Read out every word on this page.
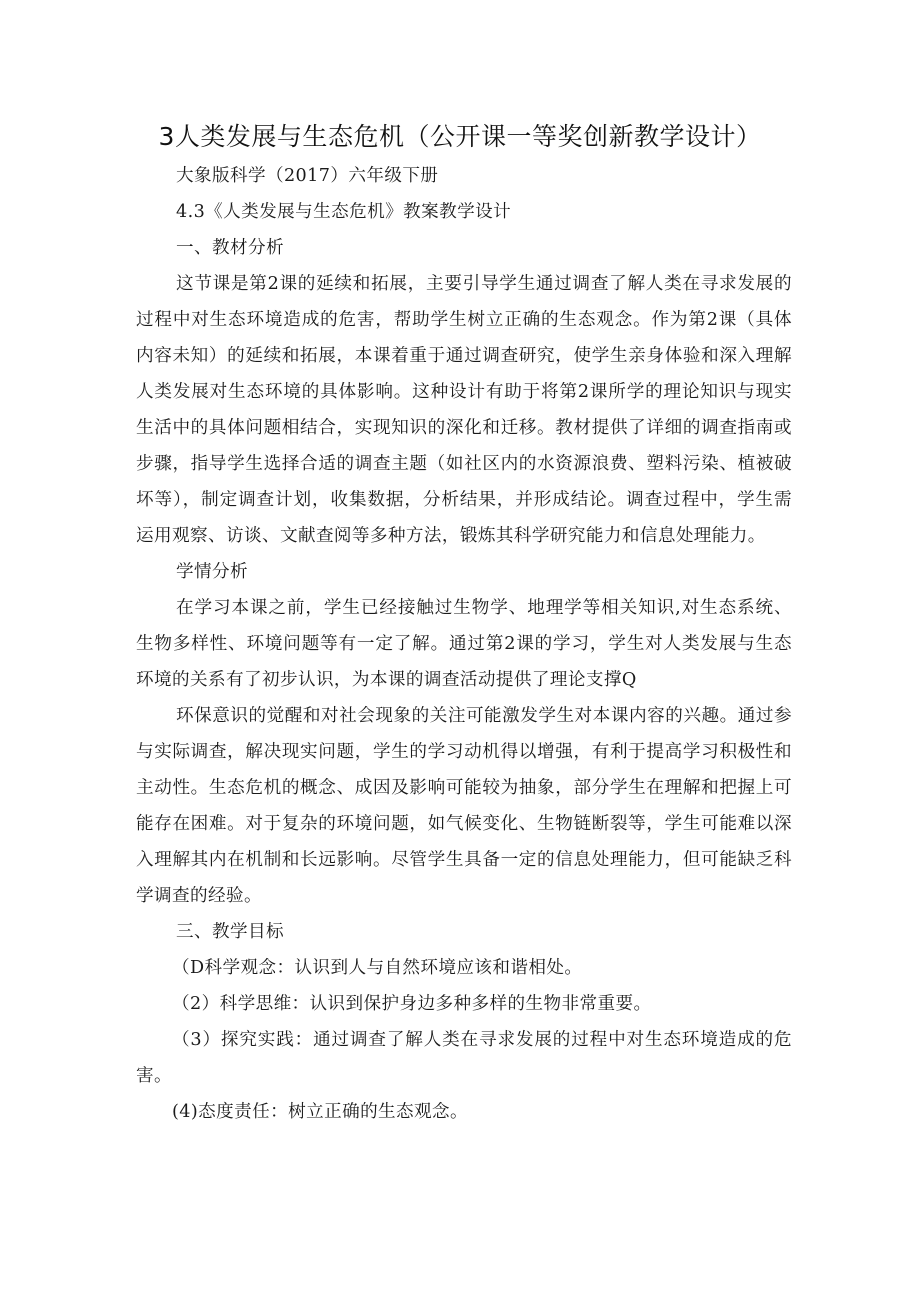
3人类发展与生态危机（公开课一等奖创新教学设计）

大象版科学（2017）六年级下册

4.3《人类发展与生态危机》教案教学设计

一、教材分析

这节课是第2课的延续和拓展，主要引导学生通过调查了解人类在寻求发展的过程中对生态环境造成的危害，帮助学生树立正确的生态观念。作为第2课（具体内容未知）的延续和拓展，本课着重于通过调查研究，使学生亲身体验和深入理解人类发展对生态环境的具体影响。这种设计有助于将第2课所学的理论知识与现实生活中的具体问题相结合，实现知识的深化和迁移。教材提供了详细的调查指南或步骤，指导学生选择合适的调查主题（如社区内的水资源浪费、塑料污染、植被破坏等），制定调查计划，收集数据，分析结果，并形成结论。调查过程中，学生需运用观察、访谈、文献查阅等多种方法，锻炼其科学研究能力和信息处理能力。

学情分析

在学习本课之前，学生已经接触过生物学、地理学等相关知识,对生态系统、生物多样性、环境问题等有一定了解。通过第2课的学习，学生对人类发展与生态环境的关系有了初步认识，为本课的调查活动提供了理论支撑Q

环保意识的觉醒和对社会现象的关注可能激发学生对本课内容的兴趣。通过参与实际调查，解决现实问题，学生的学习动机得以增强，有利于提高学习积极性和主动性。生态危机的概念、成因及影响可能较为抽象，部分学生在理解和把握上可能存在困难。对于复杂的环境问题，如气候变化、生物链断裂等，学生可能难以深入理解其内在机制和长远影响。尽管学生具备一定的信息处理能力，但可能缺乏科学调查的经验。

三、教学目标

（D科学观念：认识到人与自然环境应该和谐相处。

（2）科学思维：认识到保护身边多种多样的生物非常重要。

（3）探究实践：通过调查了解人类在寻求发展的过程中对生态环境造成的危害。

(4)态度责任：树立正确的生态观念。
